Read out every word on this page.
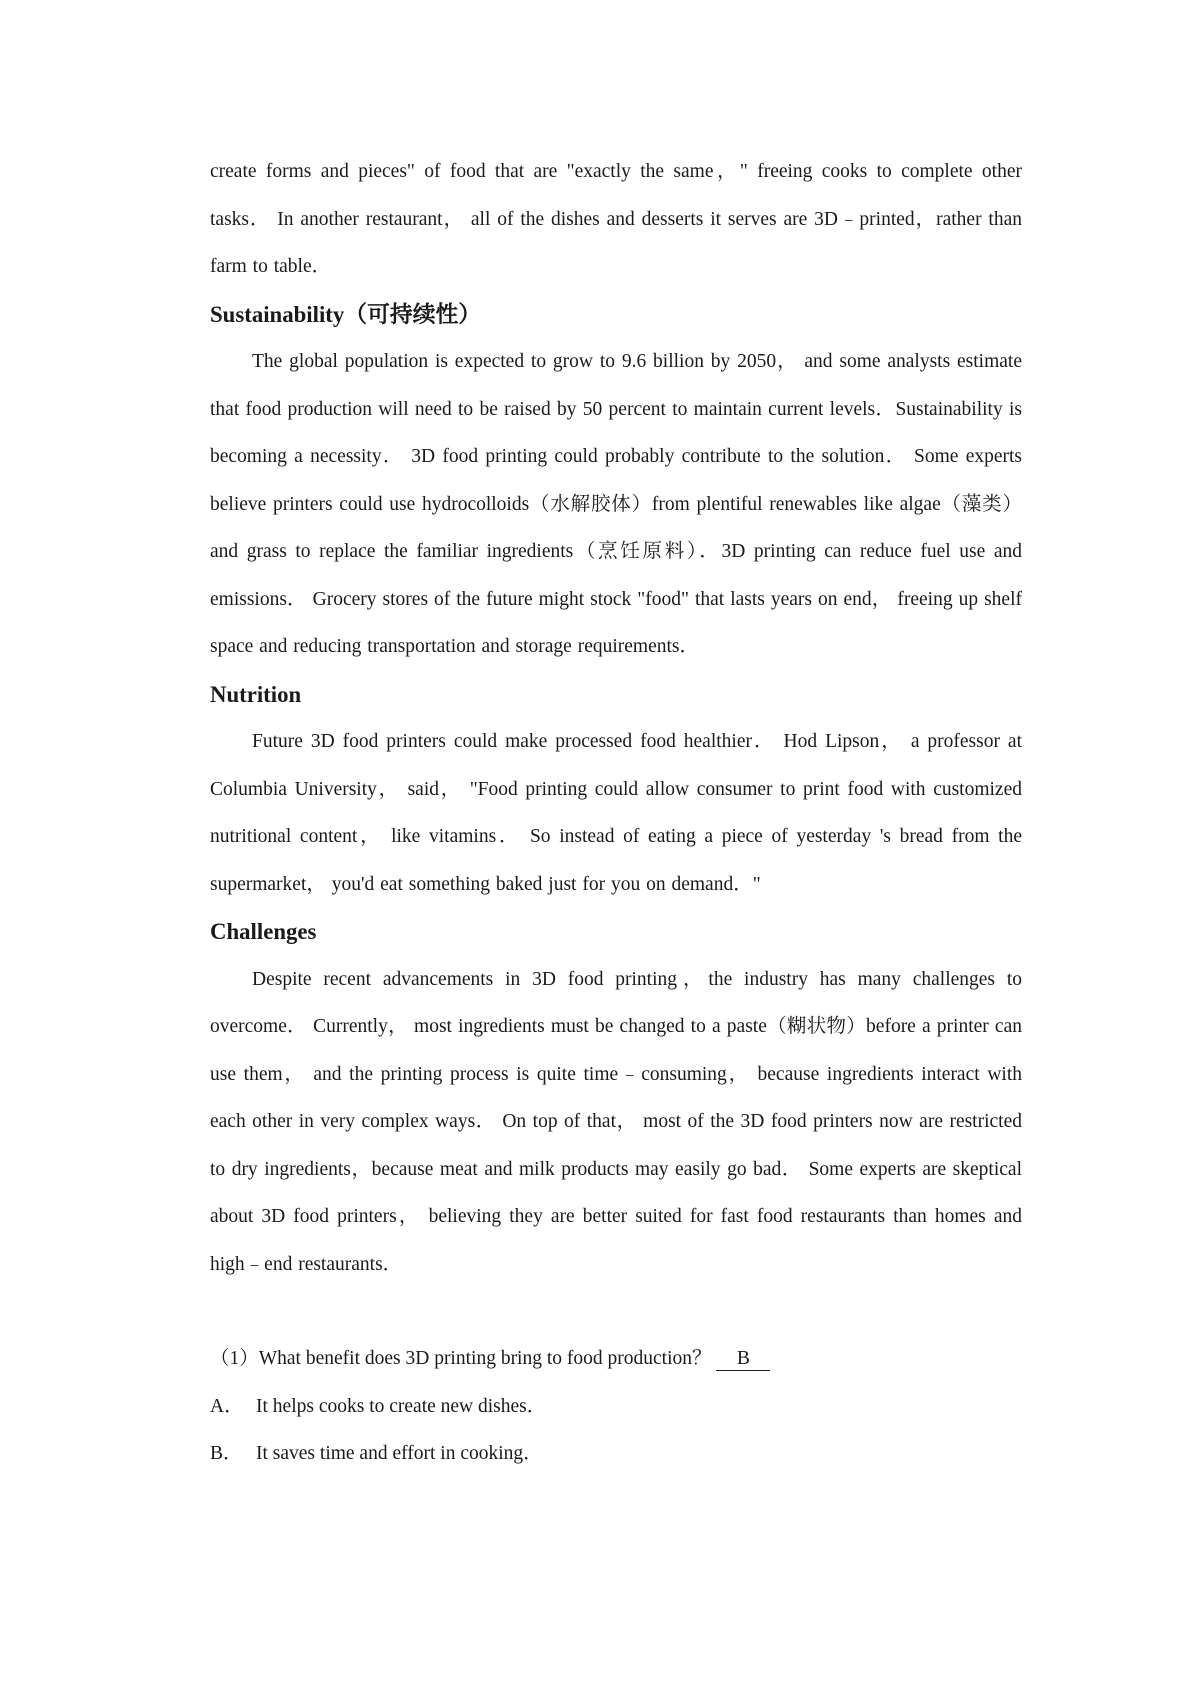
create forms and pieces" of food that are "exactly the same，" freeing cooks to complete other tasks． In another restaurant， all of the dishes and desserts it serves are 3D﹣printed，rather than farm to table．

Sustainability（可持续性）

The global population is expected to grow to 9.6 billion by 2050， and some analysts estimate that food production will need to be raised by 50 percent to maintain current levels．Sustainability is becoming a necessity． 3D food printing could probably contribute to the solution． Some experts believe printers could use hydrocolloids（水解胶体）from plentiful renewables like algae（藻类） and grass to replace the familiar ingredients（烹饪原料）．3D printing can reduce fuel use and emissions． Grocery stores of the future might stock "food" that lasts years on end， freeing up shelf space and reducing transportation and storage requirements．

Nutrition

Future 3D food printers could make processed food healthier． Hod Lipson， a professor at Columbia University， said， "Food printing could allow consumer to print food with customized nutritional content， like vitamins． So instead of eating a piece of yesterday 's bread from the supermarket， you'd eat something baked just for you on demand．"

Challenges

Despite recent advancements in 3D food printing，the industry has many challenges to overcome． Currently， most ingredients must be changed to a paste（糊状物）before a printer can use them， and the printing process is quite time﹣consuming， because ingredients interact with each other in very complex ways． On top of that， most of the 3D food printers now are restricted to dry ingredients，because meat and milk products may easily go bad． Some experts are skeptical about 3D food printers， believing they are better suited for fast food restaurants than homes and high﹣end restaurants．

（1）What benefit does 3D printing bring to food production？ B

A． It helps cooks to create new dishes．

B． It saves time and effort in cooking．
